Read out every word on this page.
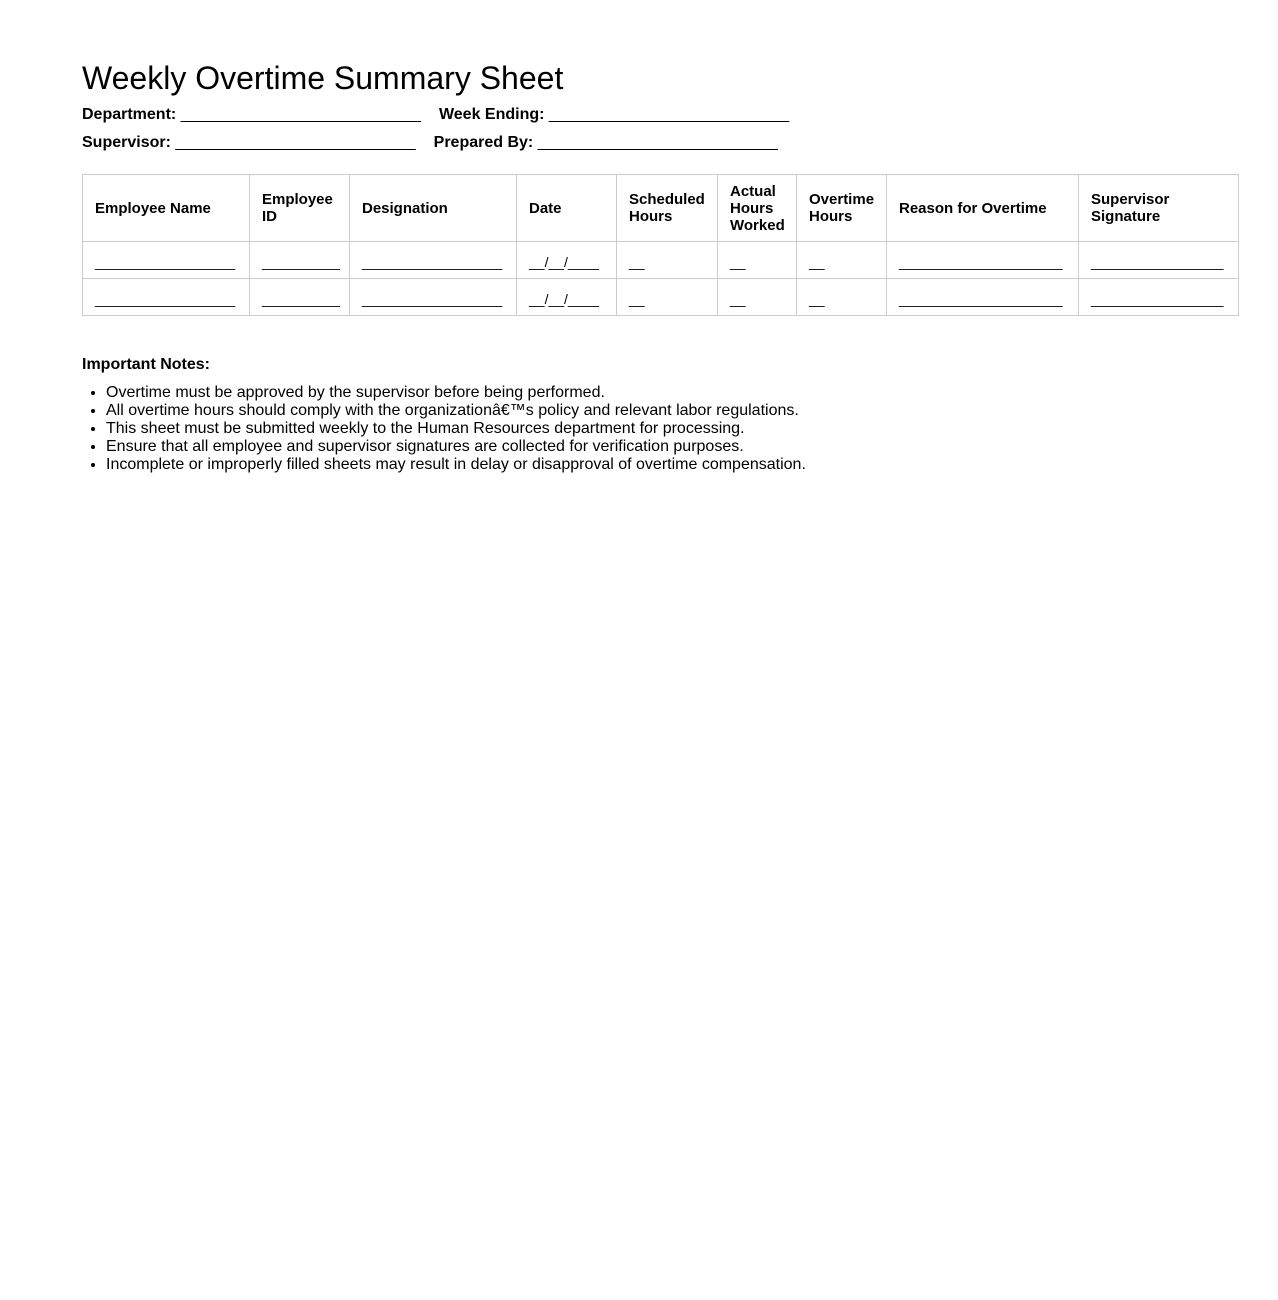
Weekly Overtime Summary Sheet
Department: ___________________________ Week Ending: ___________________________
Supervisor: ___________________________ Prepared By: ___________________________
Employee Name	Employee ID	Designation	Date	Scheduled Hours	Actual Hours Worked	Overtime Hours	Reason for Overtime	Supervisor Signature
__________________	__________	__________________	__/__/____	__	__	__	_____________________	_________________
__________________	__________	__________________	__/__/____	__	__	__	_____________________	_________________
Important Notes:
• Overtime must be approved by the supervisor before being performed.
• All overtime hours should comply with the organizationâ€™s policy and relevant labor regulations.
• This sheet must be submitted weekly to the Human Resources department for processing.
• Ensure that all employee and supervisor signatures are collected for verification purposes.
• Incomplete or improperly filled sheets may result in delay or disapproval of overtime compensation.
